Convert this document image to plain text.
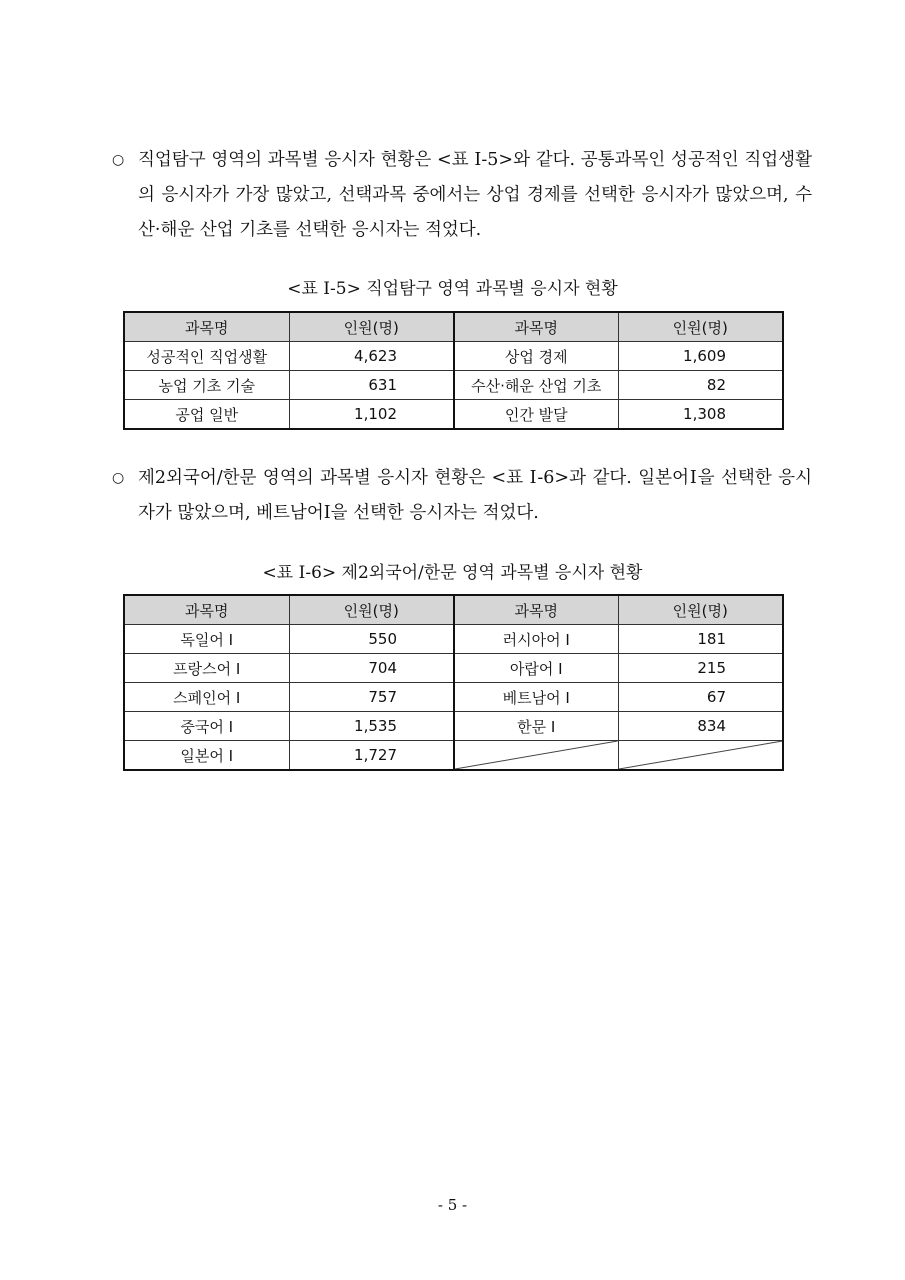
○ 직업탐구 영역의 과목별 응시자 현황은 <표 Ⅰ-5>와 같다. 공통과목인 성공적인 직업생활의 응시자가 가장 많았고, 선택과목 중에서는 상업 경제를 선택한 응시자가 많았으며, 수산·해운 산업 기초를 선택한 응시자는 적었다.
<표 Ⅰ-5> 직업탐구 영역 과목별 응시자 현황
과목명	인원(명)	과목명	인원(명)
성공적인 직업생활	4,623	상업 경제	1,609
농업 기초 기술	631	수산·해운 산업 기초	82
공업 일반	1,102	인간 발달	1,308
○ 제2외국어/한문 영역의 과목별 응시자 현황은 <표 Ⅰ-6>과 같다. 일본어Ⅰ을 선택한 응시자가 많았으며, 베트남어Ⅰ을 선택한 응시자는 적었다.
<표 Ⅰ-6> 제2외국어/한문 영역 과목별 응시자 현황
과목명	인원(명)	과목명	인원(명)
독일어 Ⅰ	550	러시아어 Ⅰ	181
프랑스어 Ⅰ	704	아랍어 Ⅰ	215
스페인어 Ⅰ	757	베트남어 Ⅰ	67
중국어 Ⅰ	1,535	한문 Ⅰ	834
일본어 Ⅰ	1,727	

- 5 -
